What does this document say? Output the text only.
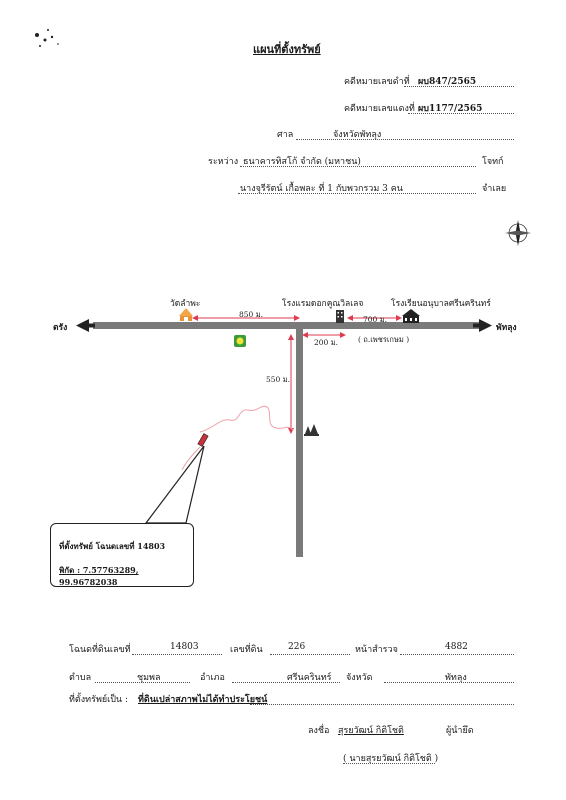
แผนที่ตั้งทรัพย์
คดีหมายเลขดำที่ ผบ847/2565
คดีหมายเลขแดงที่ ผบ1177/2565
ศาล	จังหวัดพัทลุง
ระหว่าง ธนาคารทิสโก้ จำกัด (มหาชน)	โจทก์
นางจุรีรัตน์ เกื้อพละ ที่ 1 กับพวกรวม 3 คน	จำเลย
ตรัง	พัทลุง
วัดลำพะ	โรงแรมดอกคูณวิลเลจ	โรงเรียนอนุบาลศรีนครินทร์
850 ม.
700 ม.
200 ม.
550 ม.
( ถ.เพชรเกษม )
ที่ตั้งทรัพย์ โฉนดเลขที่ 14803
พิกัด : 7.57763289, 99.96782038
โฉนดที่ดินเลขที่	14803	เลขที่ดิน	226	หน้าสำรวจ	4882
ตำบล	ชุมพล	อำเภอ	ศรีนครินทร์ จังหวัด	พัทลุง
ที่ตั้งทรัพย์เป็น : ที่ดินเปล่าสภาพไม่ได้ทำประโยชน์
ลงชื่อ สุรยวัฒน์ กิติโชติ	ผู้นำยึด
( นายสุรยวัฒน์ กิติโชติ )
